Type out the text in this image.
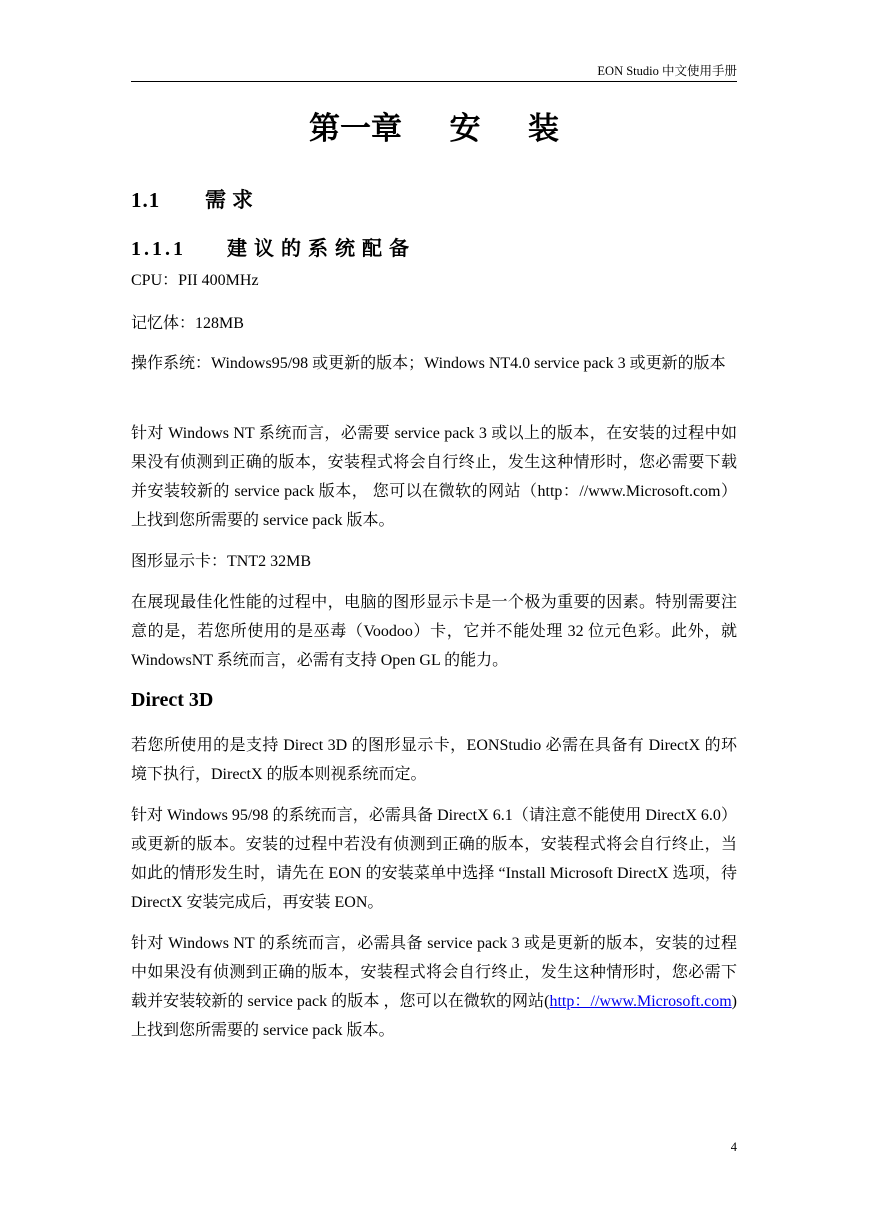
EON Studio 中文使用手册
第一章  安  装
1.1 需求
1.1.1 建议的系统配备

CPU：PII 400MHz

记忆体：128MB

操作系统：Windows95/98 或更新的版本；Windows NT4.0 service pack 3 或更新的版本

针对 Windows NT 系统而言，必需要 service pack 3 或以上的版本，在安装的过程中如果没有侦测到正确的版本，安装程式将会自行终止，发生这种情形时，您必需要下载并安装较新的 service pack 版本， 您可以在微软的网站（http：//www.Microsoft.com）上找到您所需要的 service pack 版本。

图形显示卡：TNT2 32MB

在展现最佳化性能的过程中，电脑的图形显示卡是一个极为重要的因素。特别需要注意的是，若您所使用的是巫毒（Voodoo）卡，它并不能处理 32 位元色彩。此外，就 WindowsNT 系统而言，必需有支持 Open GL 的能力。

Direct 3D

若您所使用的是支持 Direct 3D 的图形显示卡，EONStudio 必需在具备有 DirectX 的环境下执行，DirectX 的版本则视系统而定。

针对 Windows 95/98 的系统而言，必需具备 DirectX 6.1（请注意不能使用 DirectX 6.0）或更新的版本。安装的过程中若没有侦测到正确的版本，安装程式将会自行终止，当如此的情形发生时，请先在 EON 的安装菜单中选择 “Install Microsoft DirectX 选项，待 DirectX 安装完成后，再安装 EON。

针对 Windows NT 的系统而言，必需具备 service pack 3 或是更新的版本，安装的过程中如果没有侦测到正确的版本，安装程式将会自行终止，发生这种情形时，您必需下载并安装较新的 service pack 的版本 ，您可以在微软的网站(http：//www.Microsoft.com)上找到您所需要的 service pack 版本。

4
